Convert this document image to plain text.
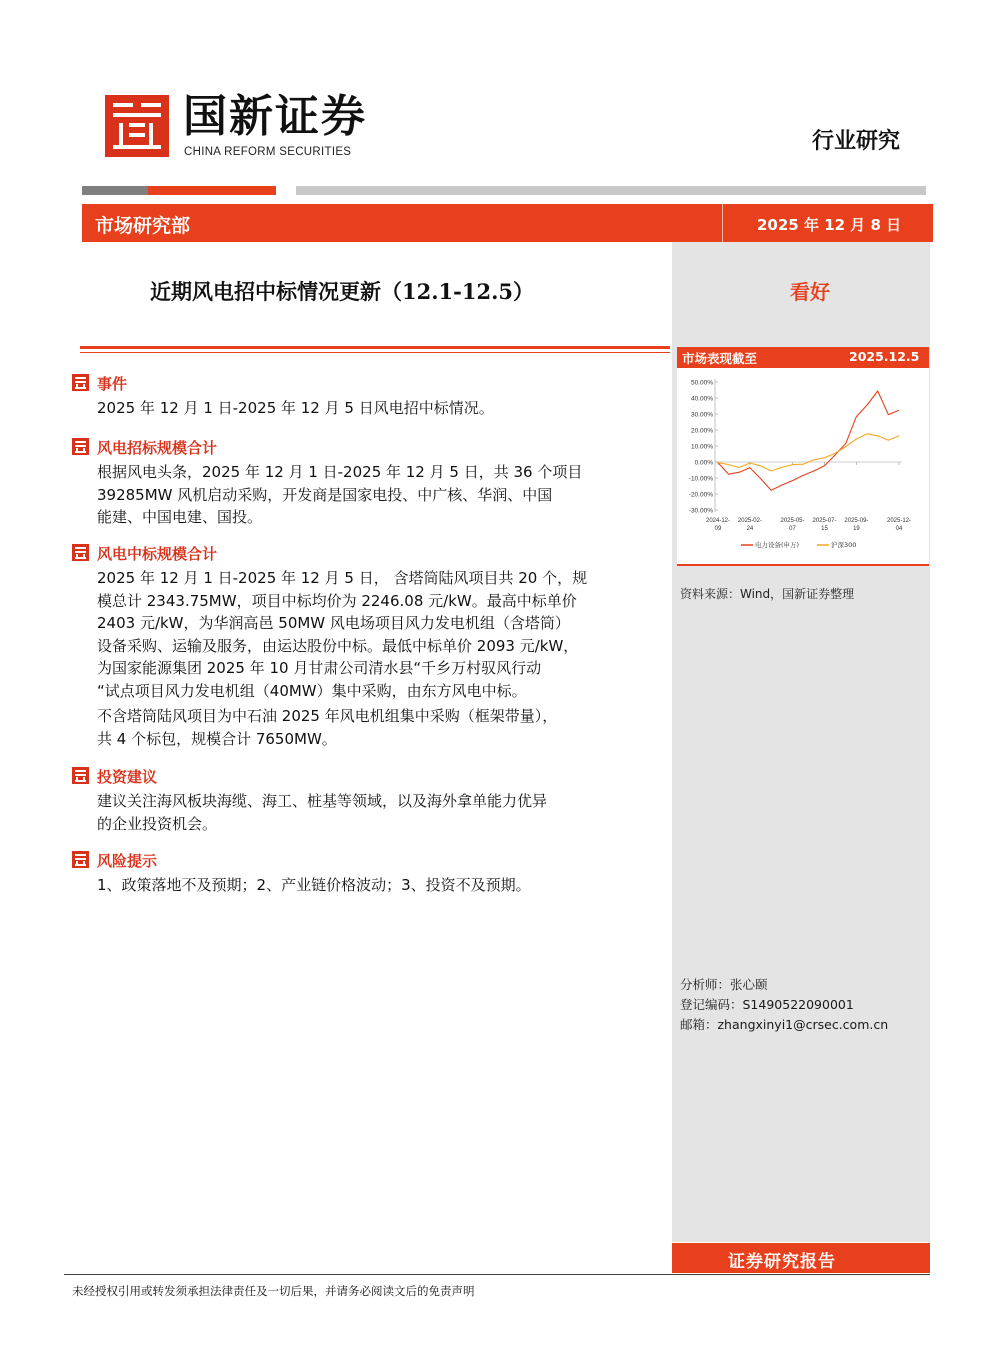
国新证券
CHINA REFORM SECURITIES	行业研究
市场研究部	2025 年 12 月 8 日
看好
近期风电招中标情况更新（12.1-12.5）
市场表现截至	2025.12.5
50.00%
40.00%
30.00%
20.00%
10.00%
0.00%
-10.00%
-20.00%
-30.00%
2024-12-
09
2025-02-
24
2025-05-
07
2025-07-
15
2025-09-
19
2025-12-
04
电力设备(申万)	沪深300
资料来源：Wind，国新证券整理
事件
2025 年 12 月 1 日-2025 年 12 月 5 日风电招中标情况。
风电招标规模合计
根据风电头条，2025 年 12 月 1 日-2025 年 12 月 5 日，共 36 个项目
39285MW 风机启动采购，开发商是国家电投、中广核、华润、中国
能建、中国电建、国投。
风电中标规模合计
2025 年 12 月 1 日-2025 年 12 月 5 日， 含塔筒陆风项目共 20 个，规
模总计 2343.75MW，项目中标均价为 2246.08 元/kW。最高中标单价
2403 元/kW，为华润高邑 50MW 风电场项目风力发电机组（含塔筒）
设备采购、运输及服务，由运达股份中标。最低中标单价 2093 元/kW，
为国家能源集团 2025 年 10 月甘肃公司清水县“千乡万村驭风行动
“试点项目风力发电机组（40MW）集中采购，由东方风电中标。
不含塔筒陆风项目为中石油 2025 年风电机组集中采购（框架带量），
共 4 个标包，规模合计 7650MW。
投资建议
建议关注海风板块海缆、海工、桩基等领域，以及海外拿单能力优异
的企业投资机会。
风险提示
1、政策落地不及预期；2、产业链价格波动；3、投资不及预期。
分析师：张心颐
登记编码：S1490522090001
邮箱：zhangxinyi1@crsec.com.cn
证券研究报告
未经授权引用或转发须承担法律责任及一切后果，并请务必阅读文后的免责声明
